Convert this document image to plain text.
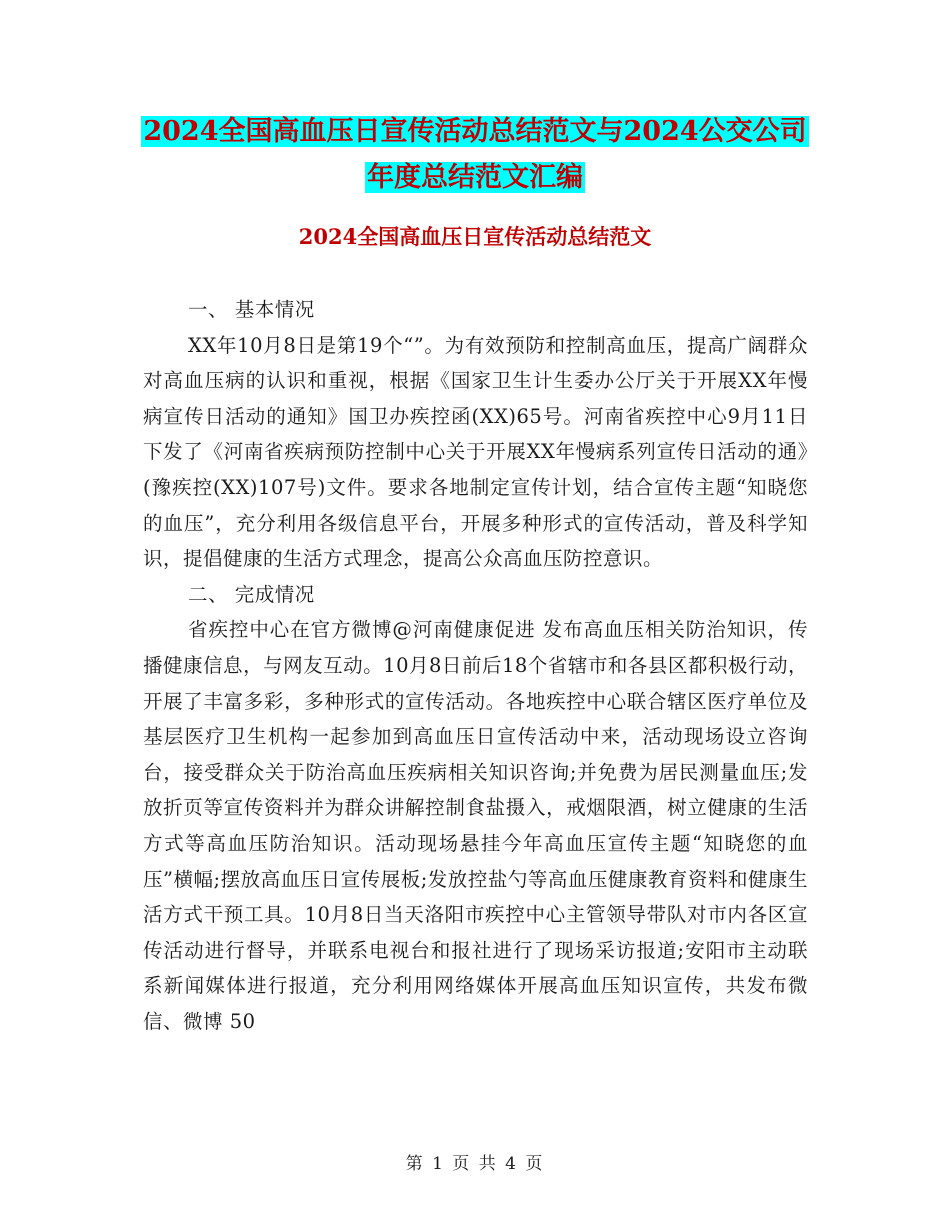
2024全国高血压日宣传活动总结范文与2024公交公司
年度总结范文汇编
2024全国高血压日宣传活动总结范文

一、 基本情况

XX年10月8日是第19个“”。为有效预防和控制高血压，提高广阔群众对高血压病的认识和重视，根据《国家卫生计生委办公厅关于开展XX年慢病宣传日活动的通知》国卫办疾控函(XX)65号。河南省疾控中心9月11日下发了《河南省疾病预防控制中心关于开展XX年慢病系列宣传日活动的通》(豫疾控(XX)107号)文件。要求各地制定宣传计划，结合宣传主题“知晓您的血压”，充分利用各级信息平台，开展多种形式的宣传活动，普及科学知识，提倡健康的生活方式理念，提高公众高血压防控意识。

二、 完成情况

省疾控中心在官方微博@河南健康促进 发布高血压相关防治知识，传播健康信息，与网友互动。10月8日前后18个省辖市和各县区都积极行动，开展了丰富多彩，多种形式的宣传活动。各地疾控中心联合辖区医疗单位及基层医疗卫生机构一起参加到高血压日宣传活动中来，活动现场设立咨询台，接受群众关于防治高血压疾病相关知识咨询;并免费为居民测量血压;发放折页等宣传资料并为群众讲解控制食盐摄入，戒烟限酒，树立健康的生活方式等高血压防治知识。活动现场悬挂今年高血压宣传主题“知晓您的血压”横幅;摆放高血压日宣传展板;发放控盐勺等高血压健康教育资料和健康生活方式干预工具。10月8日当天洛阳市疾控中心主管领导带队对市内各区宣传活动进行督导，并联系电视台和报社进行了现场采访报道;安阳市主动联系新闻媒体进行报道，充分利用网络媒体开展高血压知识宣传，共发布微信、微博 50

第 1 页 共 4 页
